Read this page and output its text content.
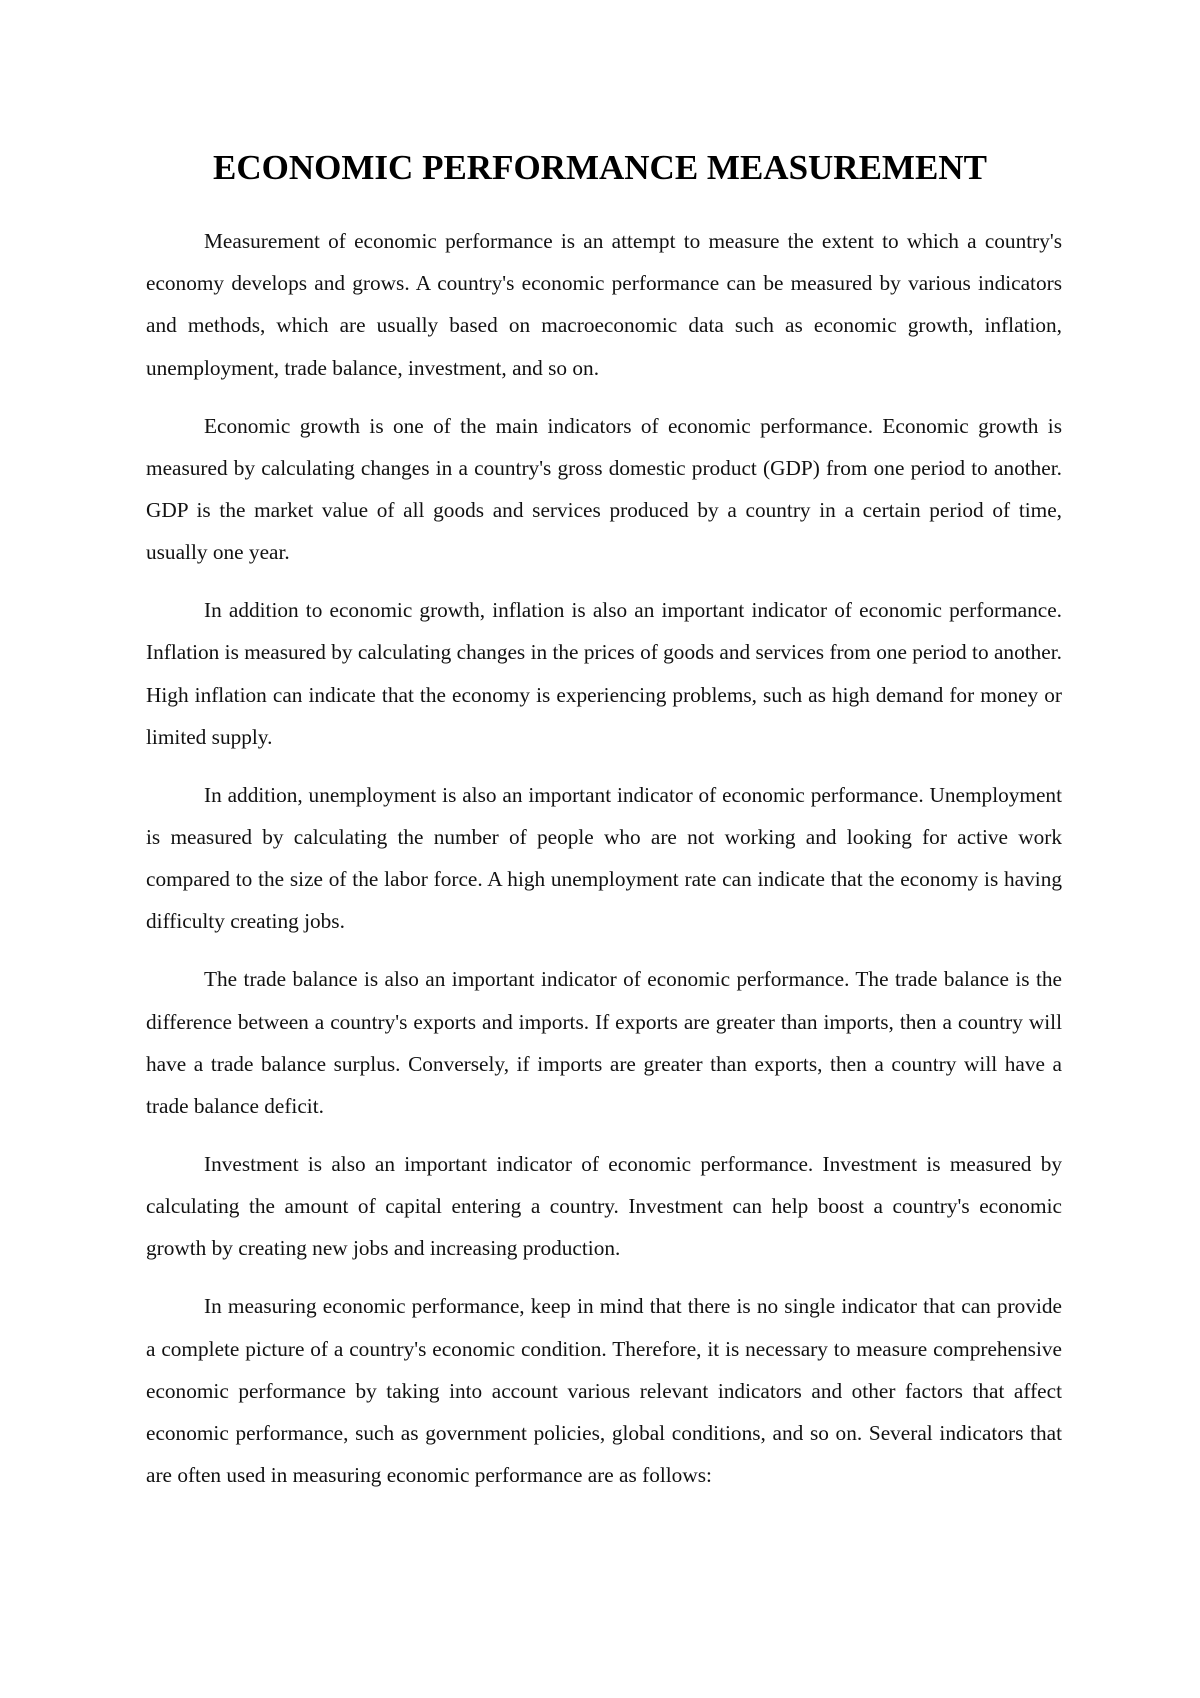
ECONOMIC PERFORMANCE MEASUREMENT

Measurement of economic performance is an attempt to measure the extent to which a country's economy develops and grows. A country's economic performance can be measured by various indicators and methods, which are usually based on macroeconomic data such as economic growth, inflation, unemployment, trade balance, investment, and so on.

Economic growth is one of the main indicators of economic performance. Economic growth is measured by calculating changes in a country's gross domestic product (GDP) from one period to another. GDP is the market value of all goods and services produced by a country in a certain period of time, usually one year.

In addition to economic growth, inflation is also an important indicator of economic performance. Inflation is measured by calculating changes in the prices of goods and services from one period to another. High inflation can indicate that the economy is experiencing problems, such as high demand for money or limited supply.

In addition, unemployment is also an important indicator of economic performance. Unemployment is measured by calculating the number of people who are not working and looking for active work compared to the size of the labor force. A high unemployment rate can indicate that the economy is having difficulty creating jobs.

The trade balance is also an important indicator of economic performance. The trade balance is the difference between a country's exports and imports. If exports are greater than imports, then a country will have a trade balance surplus. Conversely, if imports are greater than exports, then a country will have a trade balance deficit.

Investment is also an important indicator of economic performance. Investment is measured by calculating the amount of capital entering a country. Investment can help boost a country's economic growth by creating new jobs and increasing production.

In measuring economic performance, keep in mind that there is no single indicator that can provide a complete picture of a country's economic condition. Therefore, it is necessary to measure comprehensive economic performance by taking into account various relevant indicators and other factors that affect economic performance, such as government policies, global conditions, and so on. Several indicators that are often used in measuring economic performance are as follows:
